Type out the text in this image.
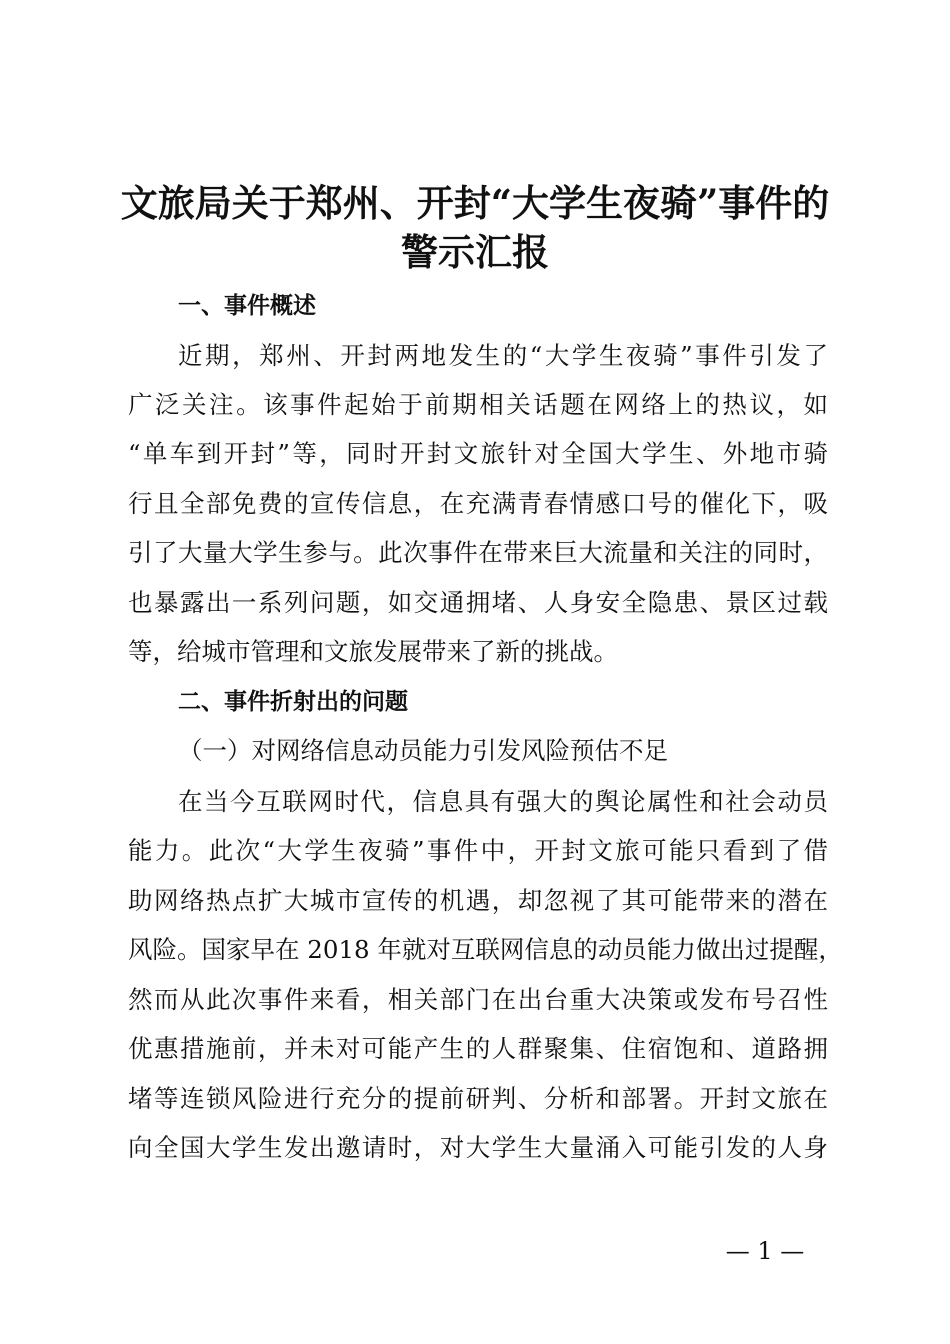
文旅局关于郑州、开封“大学生夜骑”事件的
警示汇报
一、事件概述
近期，郑州、开封两地发生的“大学生夜骑”事件引发了
广泛关注。该事件起始于前期相关话题在网络上的热议，如
“单车到开封”等，同时开封文旅针对全国大学生、外地市骑
行且全部免费的宣传信息，在充满青春情感口号的催化下，吸
引了大量大学生参与。此次事件在带来巨大流量和关注的同时，
也暴露出一系列问题，如交通拥堵、人身安全隐患、景区过载
等，给城市管理和文旅发展带来了新的挑战。
二、事件折射出的问题
（一）对网络信息动员能力引发风险预估不足
在当今互联网时代，信息具有强大的舆论属性和社会动员
能力。此次“大学生夜骑”事件中，开封文旅可能只看到了借
助网络热点扩大城市宣传的机遇，却忽视了其可能带来的潜在
风险。国家早在 2018 年就对互联网信息的动员能力做出过提醒，
然而从此次事件来看，相关部门在出台重大决策或发布号召性
优惠措施前，并未对可能产生的人群聚集、住宿饱和、道路拥
堵等连锁风险进行充分的提前研判、分析和部署。开封文旅在
向全国大学生发出邀请时，对大学生大量涌入可能引发的人身
— 1 —
